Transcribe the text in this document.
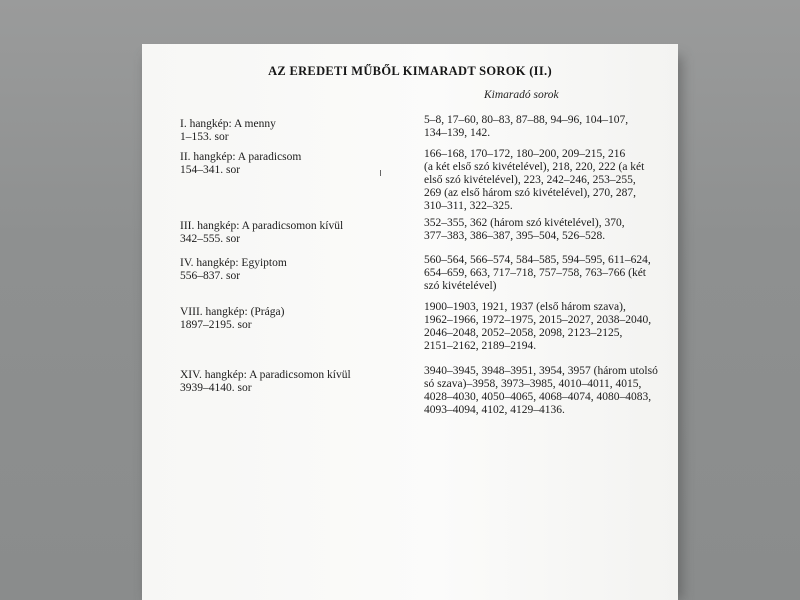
AZ EREDETI MŰBŐL KIMARADT SOROK (II.)
Kimaradó sorok
I. hangkép: A menny
1–153. sor
5–8, 17–60, 80–83, 87–88, 94–96, 104–107,
134–139, 142.
II. hangkép: A paradicsom
154–341. sor
166–168, 170–172, 180–200, 209–215, 216
(a két első szó kivételével), 218, 220, 222 (a két
első szó kivételével), 223, 242–246, 253–255,
269 (az első három szó kivételével), 270, 287,
310–311, 322–325.
III. hangkép: A paradicsomon kívül
342–555. sor
352–355, 362 (három szó kivételével), 370,
377–383, 386–387, 395–504, 526–528.
IV. hangkép: Egyiptom
556–837. sor
560–564, 566–574, 584–585, 594–595, 611–624,
654–659, 663, 717–718, 757–758, 763–766 (két
szó kivételével)
VIII. hangkép: (Prága)
1897–2195. sor
1900–1903, 1921, 1937 (első három szava),
1962–1966, 1972–1975, 2015–2027, 2038–2040,
2046–2048, 2052–2058, 2098, 2123–2125,
2151–2162, 2189–2194.
XIV. hangkép: A paradicsomon kívül
3939–4140. sor
3940–3945, 3948–3951, 3954, 3957 (három utolsó
só szava)–3958, 3973–3985, 4010–4011, 4015,
4028–4030, 4050–4065, 4068–4074, 4080–4083,
4093–4094, 4102, 4129–4136.
